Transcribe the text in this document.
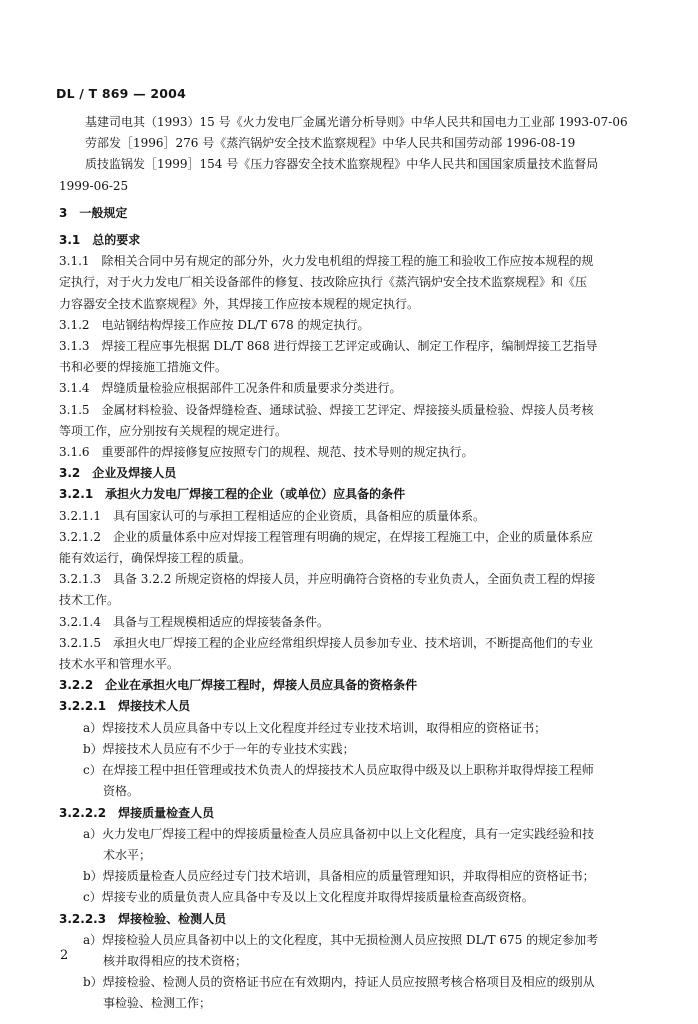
DL / T 869 — 2004
基建司电其（1993）15 号《火力发电厂金属光谱分析导则》中华人民共和国电力工业部 1993-07-06
劳部发［1996］276 号《蒸汽锅炉安全技术监察规程》中华人民共和国劳动部 1996-08-19
质技监锅发［1999］154 号《压力容器安全技术监察规程》中华人民共和国国家质量技术监督局
1999-06-25
3　一般规定
3.1　总的要求
3.1.1　除相关合同中另有规定的部分外，火力发电机组的焊接工程的施工和验收工作应按本规程的规
定执行，对于火力发电厂相关设备部件的修复、技改除应执行《蒸汽锅炉安全技术监察规程》和《压
力容器安全技术监察规程》外，其焊接工作应按本规程的规定执行。
3.1.2　电站钢结构焊接工作应按 DL/T 678 的规定执行。
3.1.3　焊接工程应事先根据 DL/T 868 进行焊接工艺评定或确认、制定工作程序，编制焊接工艺指导
书和必要的焊接施工措施文件。
3.1.4　焊缝质量检验应根据部件工况条件和质量要求分类进行。
3.1.5　金属材料检验、设备焊缝检查、通球试验、焊接工艺评定、焊接接头质量检验、焊接人员考核
等项工作，应分别按有关规程的规定进行。
3.1.6　重要部件的焊接修复应按照专门的规程、规范、技术导则的规定执行。
3.2　企业及焊接人员
3.2.1　承担火力发电厂焊接工程的企业（或单位）应具备的条件
3.2.1.1　具有国家认可的与承担工程相适应的企业资质，具备相应的质量体系。
3.2.1.2　企业的质量体系中应对焊接工程管理有明确的规定，在焊接工程施工中，企业的质量体系应
能有效运行，确保焊接工程的质量。
3.2.1.3　具备 3.2.2 所规定资格的焊接人员，并应明确符合资格的专业负责人，全面负责工程的焊接
技术工作。
3.2.1.4　具备与工程规模相适应的焊接装备条件。
3.2.1.5　承担火电厂焊接工程的企业应经常组织焊接人员参加专业、技术培训，不断提高他们的专业
技术水平和管理水平。
3.2.2　企业在承担火电厂焊接工程时，焊接人员应具备的资格条件
3.2.2.1　焊接技术人员
a）焊接技术人员应具备中专以上文化程度并经过专业技术培训，取得相应的资格证书；
b）焊接技术人员应有不少于一年的专业技术实践；
c）在焊接工程中担任管理或技术负责人的焊接技术人员应取得中级及以上职称并取得焊接工程师
资格。
3.2.2.2　焊接质量检查人员
a）火力发电厂焊接工程中的焊接质量检查人员应具备初中以上文化程度，具有一定实践经验和技
术水平；
b）焊接质量检查人员应经过专门技术培训，具备相应的质量管理知识，并取得相应的资格证书；
c）焊接专业的质量负责人应具备中专及以上文化程度并取得焊接质量检查高级资格。
3.2.2.3　焊接检验、检测人员
a）焊接检验人员应具备初中以上的文化程度，其中无损检测人员应按照 DL/T 675 的规定参加考
核并取得相应的技术资格；
b）焊接检验、检测人员的资格证书应在有效期内，持证人员应按照考核合格项目及相应的级别从
事检验、检测工作；
2
